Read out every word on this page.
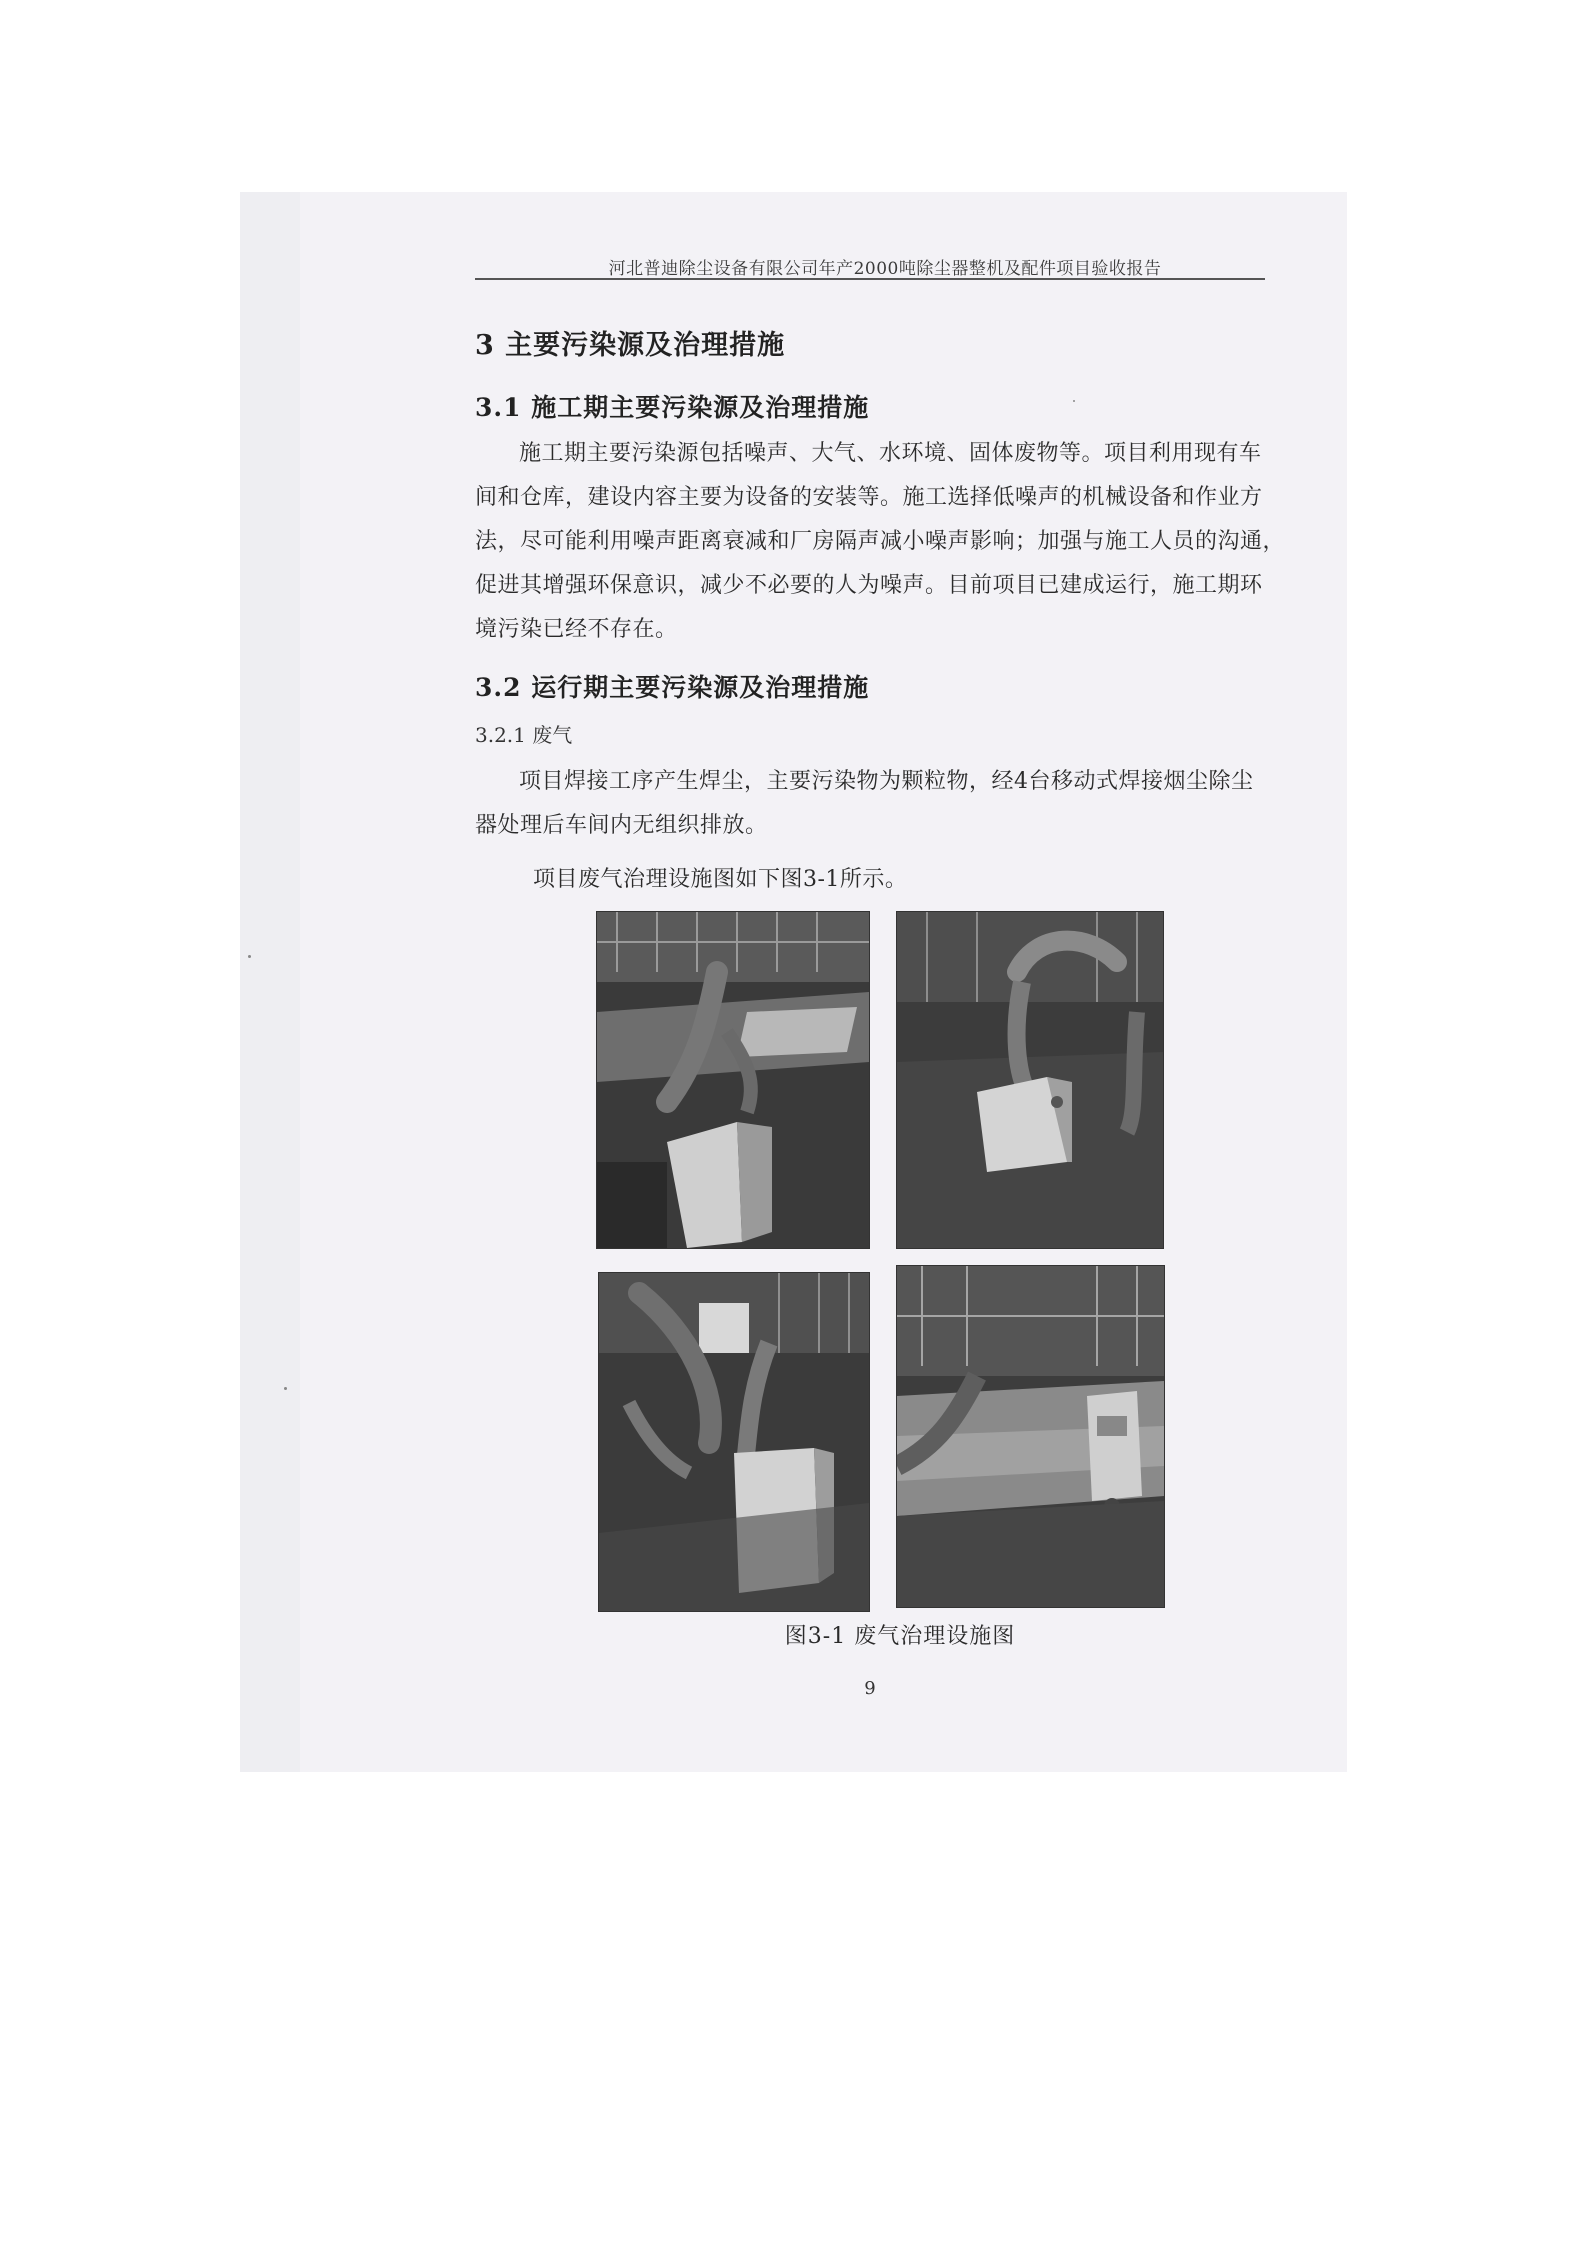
河北普迪除尘设备有限公司年产2000吨除尘器整机及配件项目验收报告
3 主要污染源及治理措施
3.1 施工期主要污染源及治理措施
施工期主要污染源包括噪声、大气、水环境、固体废物等。项目利用现有车
间和仓库，建设内容主要为设备的安装等。施工选择低噪声的机械设备和作业方
法，尽可能利用噪声距离衰减和厂房隔声减小噪声影响；加强与施工人员的沟通，
促进其增强环保意识，减少不必要的人为噪声。目前项目已建成运行，施工期环
境污染已经不存在。
3.2 运行期主要污染源及治理措施
3.2.1 废气
项目焊接工序产生焊尘，主要污染物为颗粒物，经4台移动式焊接烟尘除尘
器处理后车间内无组织排放。
项目废气治理设施图如下图3-1所示。
图3-1 废气治理设施图
9
